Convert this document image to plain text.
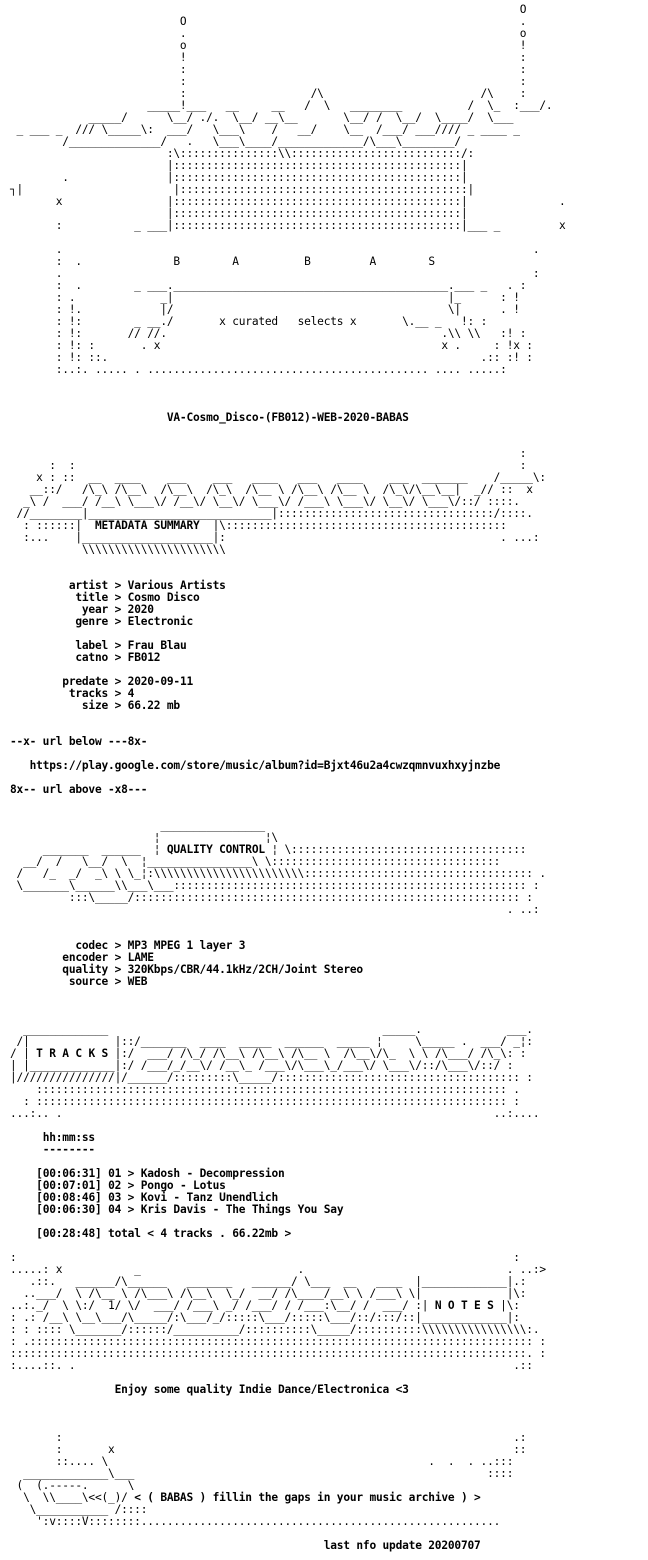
O
O                                                   .
.                                                   o
o                                                   !
!                                                   :
:                                                   :
:                                                   :
:                   /\                        /\    :
_____!___   __     __   /  \   ________          /  \_  :___/.
_____/      \__/ ./.  \__/ __\__       \__/ /  \__/  \____/  \___
_ ___ _  /// \_____\:  ___/   \___\    /   __/    \__  /___/ ___//// _ ____ _
/______________/   .   \___\____/_____________/\___\________/
:\:::::::::::::::\\::::::::::::::::::::::::::/:
|::::::::::::::::::::::::::::::::::::::::::::|
.               |::::::::::::::::::::::::::::::::::::::::::::|
┐|                       |::::::::::::::::::::::::::::::::::::::::::::|
x                |::::::::::::::::::::::::::::::::::::::::::::|              .
|::::::::::::::::::::::::::::::::::::::::::::|
:           _ ___|::::::::::::::::::::::::::::::::::::::::::::|___ _         x
.                                                                        .
:  .              B	A	B	A	S
.                                                                        :
:  .        _ ___.__________________________________________.___ _   . :
: .             _|                                          |_      : !
: !.            |/                                          \|      . !
: !:        _ __./       x curated   selects x       \.__ _   !: :
: !:       // //.                                          .\\ \\   :! :
: !: :       . x                                           x .     : !x :
: !: ::.                                                         .:: :! :
:..:. ..... . ........................................... .... .....:
VA-Cosmo_Disco-(FB012)-WEB-2020-BABAS
:
:  :                                                                    :
x : ::  __  ____    ___    ___   ____   ___   ____    ___  _______    /_____\:
__::/   /\_\ /\__\  /\__\  /\_\  /\__ \ /\__\ /\__ \  /\_\/\__\__|  _// ::  x
_\ /  ___/ /__\ \___\/ /__\/ \__\/ \___\/ /___\ \___\/ \__\/ \___\/::/ ::::.
//________|____________________________|:::::::::::::::::::::::::::::::::/::::.
: ::::::|  METADATA SUMMARY  |\:::::::::::::::::::::::::::::::::::::::::::
:...    |____________________|:                                          . ...:
\\\\\\\\\\\\\\\\\\\\\\
artist > Various Artists
title > Cosmo Disco
year > 2020
genre > Electronic
label > Frau Blau
catno > FB012
predate > 2020-09-11
tracks > 4
size > 66.22 mb
--x- url below ---8x-
https://play.google.com/store/music/album?id=Bjxt46u2a4cwzqmnvuxhxyjnzbe
8x-- url above -x8---
________________
¦                ¦\
_______  ______  ¦ QUALITY CONTROL ¦ \::::::::::::::::::::::::::::::::::::
__/  /   \__/  \  ¦________________\ \:::::::::::::::::::::::::::::::::::
/   /_  _/  _\ \ \_¦:\\\\\\\\\\\\\\\\\\\\\\\::::::::::::::::::::::::::::::::::: .
\_______\______\\___\___:::::::::::::::::::::::::::::::::::::::::::::::::::::: :
:::\_____/::::::::::::::::::::::::::::::::::::::::::::::::::::::::::: :
. ..:
codec > MP3 MPEG 1 layer 3
encoder > LAME
quality > 320Kbps/CBR/44.1kHz/2CH/Joint Stereo
source > WEB
_____________                                          _____.             ___.
/|             |::/_______  ____  _____  ______  _____ ¦     \_____ .  ___/ _¦:
/ | T R A C K S |:/  ___/ /\_/ /\__\ /\__\ /\__ \  /\__\/\_  \ \ /\___/ /\_\: :
| |_____________|:/ /___/_/__\/ /__\_ /___\/\___\_/___\/ \___\/::/\___\/::/ :
|///////////////|/______/:::::::::\_____/::::::::::::::::::::::::::::::::::::: :
:::::::::::::::::::::::::::::::::::::::::::::::::::::::::::::::::::::::: .
: :::::::::::::::::::::::::::::::::::::::::::::::::::::::::::::::::::::::: :
...:.. .                                                                  ..:....
hh:mm:ss
--------
[00:06:31] 01 > Kadosh - Decompression
[00:07:01] 02 > Pongo - Lotus
[00:08:46] 03 > Kovi - Tanz Unendlich
[00:06:30] 04 > Kris Davis - The Things You Say
[00:28:48] total < 4 tracks . 66.22mb >
:                                                                            :
.....: x           _                        .                               . ..:>
.::.   ______/\______   _______   ______/ \___  __   ____  |_____________|.:
..___/  \ /\__ \ /\___\ /\__\  \_/  __/ /\____/__\ \ /___\ \|             |\:
..:._/  \ \:/  1/ \/  ___/ /___\ _/ /___/ / /___:\__/ /  ___/ :| N O T E S |\:
: .: /__\ \__\___/\_____/:\___/_/:::::\___/:::::\___/::/:::/::|_____________|:
: : :::: \_______/::::::/__________/::::::::::\_____/::::::::::\\\\\\\\\\\\\\\\:.
: .::::::::::::::::::::::::::::::::::::::::::::::::::::::::::::::::::::::::::::: :
:::::::::::::::::::::::::::::::::::::::::::::::::::::::::::::::::::::::::::::::. :
:....::. .                                                                   .::
Enjoy some quality Indie Dance/Electronica <3
:                                                                     .:
:       x                                                             ::
::.... \                                                 .  .  . ..:::
_____________\___                                                      ::::
(  (.-----.      \
\  \\____\<<(_)/ < ( BABAS ) fillin the gaps in your music archive ) >
\___________ /::::
':v::::V::::::::.......................................................
last nfo update 20200707
